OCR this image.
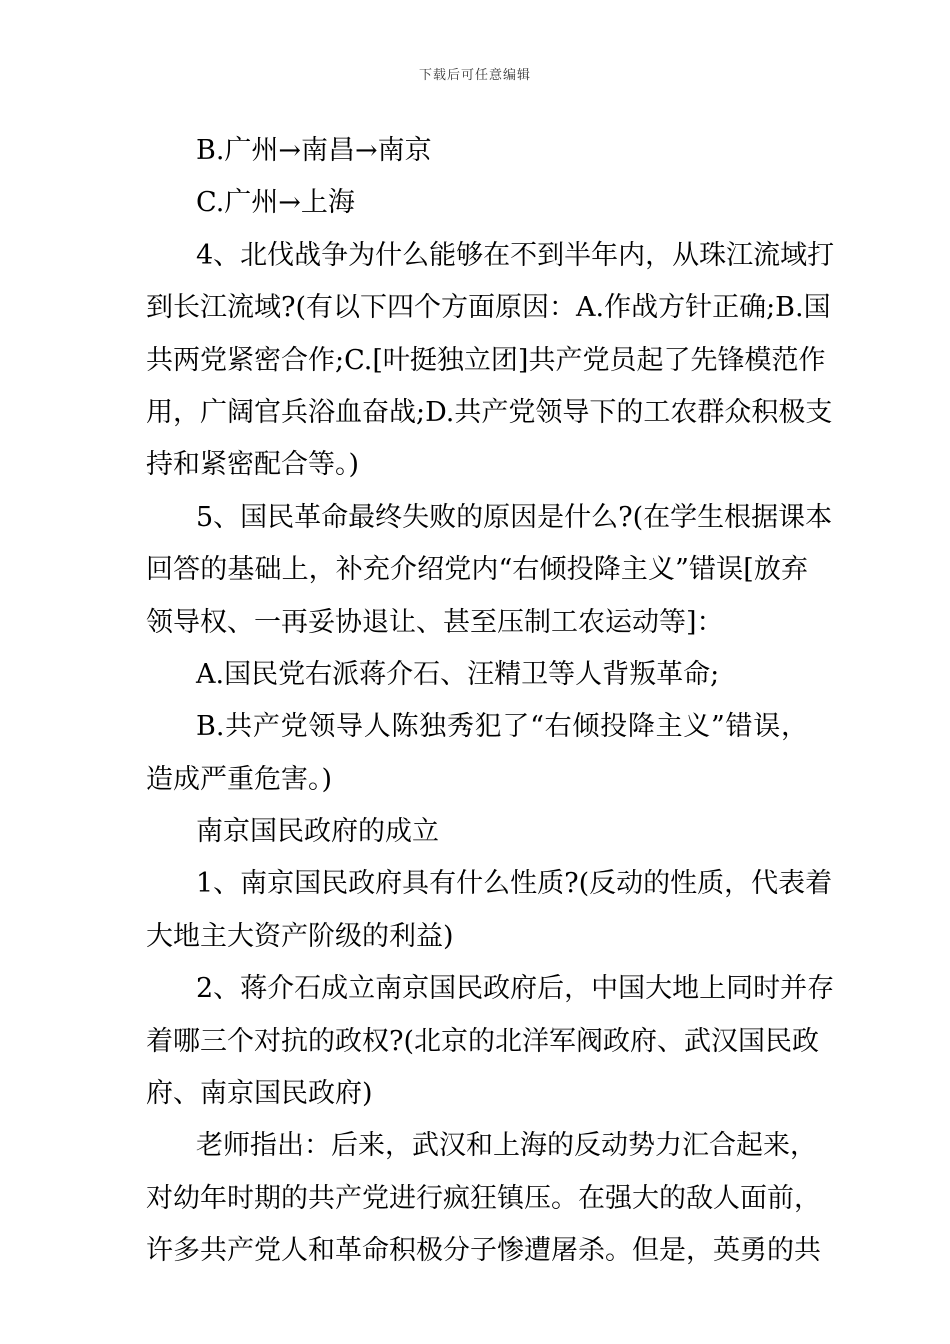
下载后可任意编辑
B.广州→南昌→南京
C.广州→上海
4、北伐战争为什么能够在不到半年内，从珠江流域打
到长江流域?(有以下四个方面原因：A.作战方针正确;B.国
共两党紧密合作;C.[叶挺独立团]共产党员起了先锋模范作
用，广阔官兵浴血奋战;D.共产党领导下的工农群众积极支
持和紧密配合等。)
5、国民革命最终失败的原因是什么?(在学生根据课本
回答的基础上，补充介绍党内“右倾投降主义”错误[放弃
领导权、一再妥协退让、甚至压制工农运动等]：
A.国民党右派蒋介石、汪精卫等人背叛革命;
B.共产党领导人陈独秀犯了“右倾投降主义”错误，
造成严重危害。)
南京国民政府的成立
1、南京国民政府具有什么性质?(反动的性质，代表着
大地主大资产阶级的利益)
2、蒋介石成立南京国民政府后，中国大地上同时并存
着哪三个对抗的政权?(北京的北洋军阀政府、武汉国民政
府、南京国民政府)
老师指出：后来，武汉和上海的反动势力汇合起来，
对幼年时期的共产党进行疯狂镇压。在强大的敌人面前，
许多共产党人和革命积极分子惨遭屠杀。但是，英勇的共
